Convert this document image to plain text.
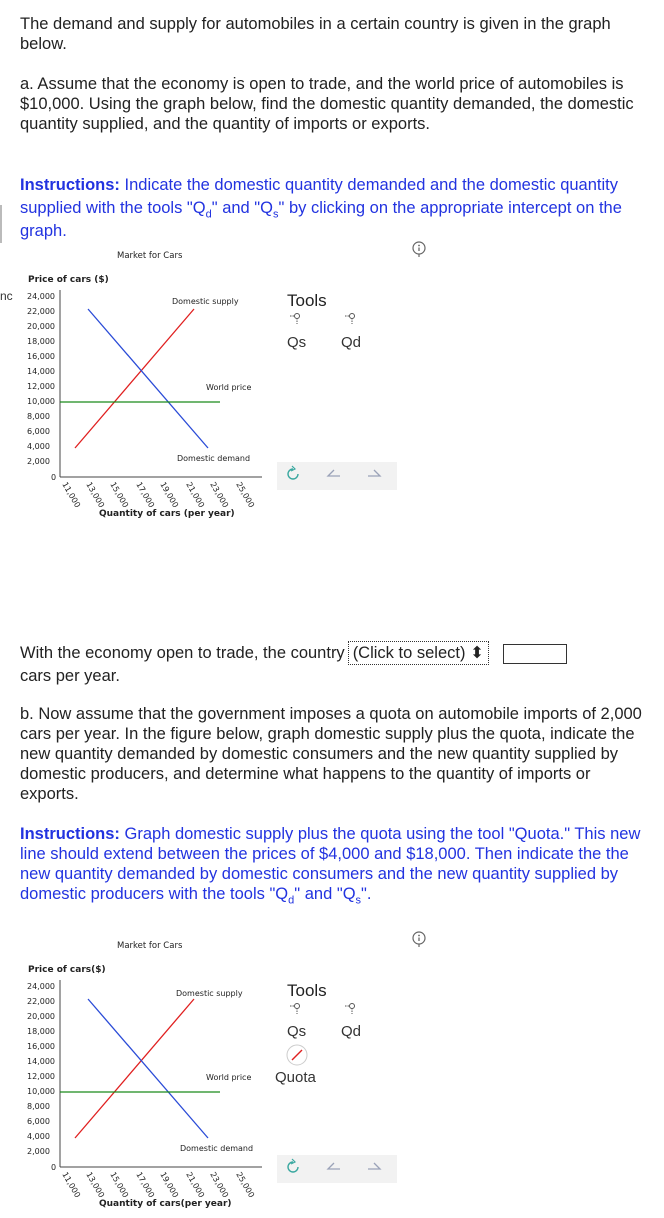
The demand and supply for automobiles in a certain country is given in the graph below.

a. Assume that the economy is open to trade, and the world price of automobiles is $10,000. Using the graph below, find the domestic quantity demanded, the domestic quantity supplied, and the quantity of imports or exports.

Instructions: Indicate the domestic quantity demanded and the domestic quantity supplied with the tools "$Q_d$" and "$Q_s$" by clicking on the appropriate intercept on the graph.

nc
Market for Cars
Price of cars ($)
24,000
22,000
20,000
18,000
16,000
14,000
12,000
10,000
8,000
6,000
4,000
2,000
0
11,000 13,000 15,000 17,000 19,000 21,000 23,000 25,000
Quantity of cars (per year)
Domestic supply
World price
Domestic demand
Tools
Qs Qd

With the economy open to trade, the country (Click to select) ⬍
cars per year.

b. Now assume that the government imposes a quota on automobile imports of 2,000 cars per year. In the figure below, graph domestic supply plus the quota, indicate the new quantity demanded by domestic consumers and the new quantity supplied by domestic producers, and determine what happens to the quantity of imports or exports.

Instructions: Graph domestic supply plus the quota using the tool "Quota." This new line should extend between the prices of $4,000 and $18,000. Then indicate the the new quantity demanded by domestic consumers and the new quantity supplied by domestic producers with the tools "$Q_d$" and "$Q_s$".

Market for Cars
Price of cars($)
24,000
22,000
20,000
18,000
16,000
14,000
12,000
10,000
8,000
6,000
4,000
2,000
0
11,000 13,000 15,000 17,000 19,000 21,000 23,000 25,000
Quantity of cars(per year)
Domestic supply
World price
Domestic demand
Tools
Qs Qd
Quota
